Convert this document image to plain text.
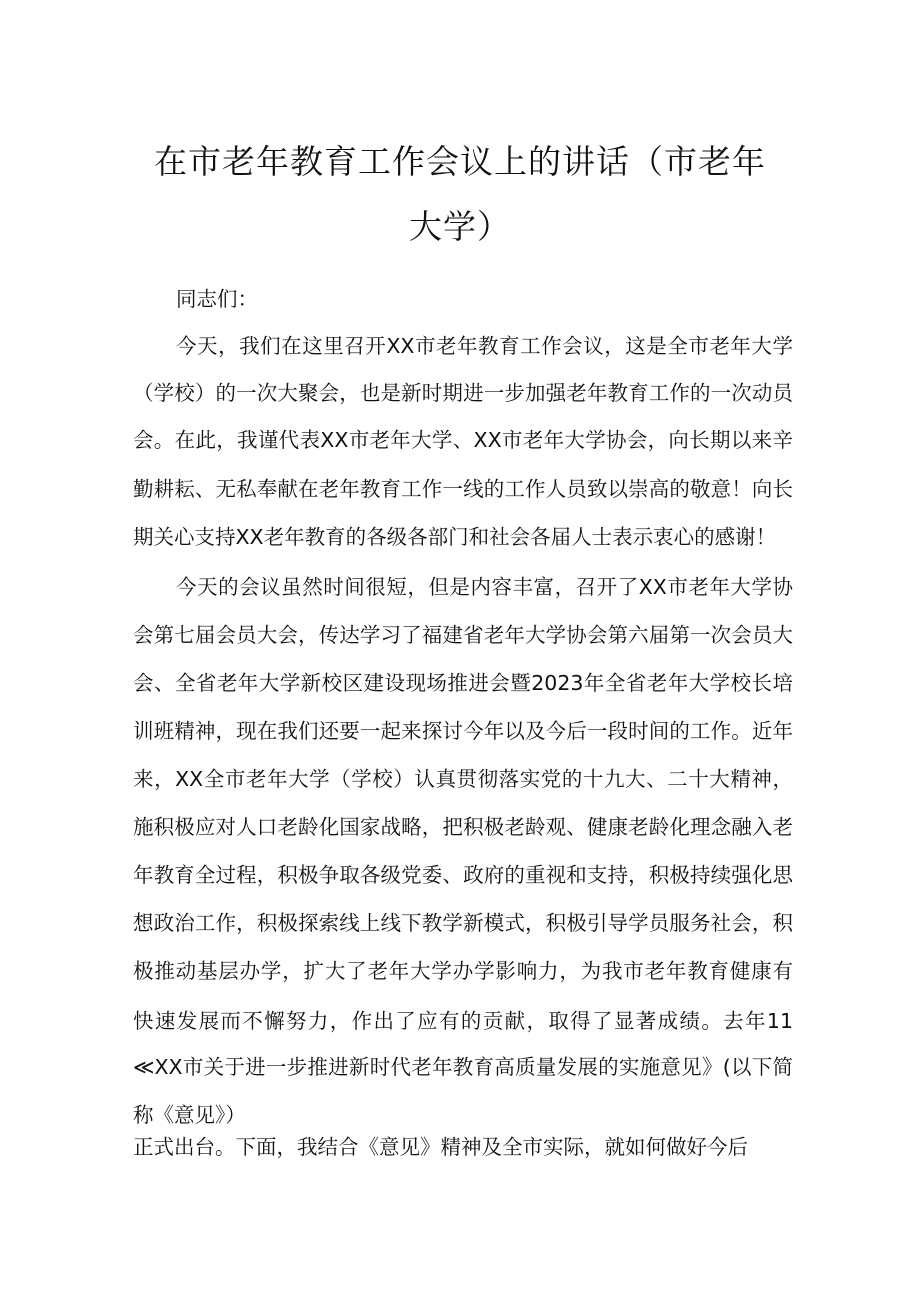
在市老年教育工作会议上的讲话（市老年
大学）
同志们：
今天，我们在这里召开XX市老年教育工作会议，这是全市老年大学
（学校）的一次大聚会，也是新时期进一步加强老年教育工作的一次动员
会。在此，我谨代表XX市老年大学、XX市老年大学协会，向长期以来辛
勤耕耘、无私奉献在老年教育工作一线的工作人员致以崇高的敬意！向长
期关心支持XX老年教育的各级各部门和社会各届人士表示衷心的感谢！
今天的会议虽然时间很短，但是内容丰富，召开了XX市老年大学协
会第七届会员大会，传达学习了福建省老年大学协会第六届第一次会员大
会、全省老年大学新校区建设现场推进会暨2023年全省老年大学校长培
训班精神，现在我们还要一起来探讨今年以及今后一段时间的工作。近年
来，XX全市老年大学（学校）认真贯彻落实党的十九大、二十大精神，
施积极应对人口老龄化国家战略，把积极老龄观、健康老龄化理念融入老
年教育全过程，积极争取各级党委、政府的重视和支持，积极持续强化思
想政治工作，积极探索线上线下教学新模式，积极引导学员服务社会，积
极推动基层办学，扩大了老年大学办学影响力，为我市老年教育健康有
快速发展而不懈努力，作出了应有的贡献，取得了显著成绩。去年11
≪XX市关于进一步推进新时代老年教育高质量发展的实施意见》(以下简
称《意见》）
正式出台。下面，我结合《意见》精神及全市实际，就如何做好今后
